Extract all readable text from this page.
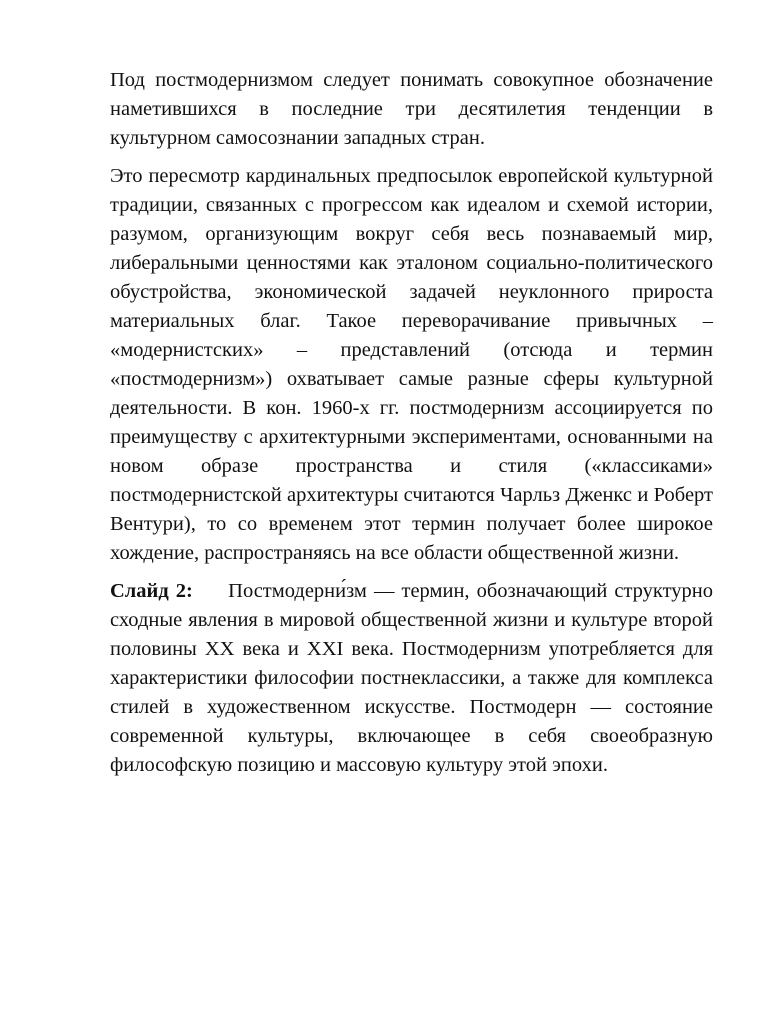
Под постмодернизмом следует понимать совокупное обозначение наметившихся в последние три десятилетия тенденции в культурном самосознании западных стран.

Это пересмотр кардинальных предпосылок европейской культурной традиции, связанных с прогрессом как идеалом и схемой истории, разумом, организующим вокруг себя весь познаваемый мир, либеральными ценностями как эталоном социально-политического обустройства, экономической задачей неуклонного прироста материальных благ. Такое переворачивание привычных – «модернистских» – представлений (отсюда и термин «постмодернизм») охватывает самые разные сферы культурной деятельности. В кон. 1960-х гг. постмодернизм ассоциируется по преимуществу с архитектурными экспериментами, основанными на новом образе пространства и стиля («классиками» постмодернистской архитектуры считаются Чарльз Дженкс и Роберт Вентури), то со временем этот термин получает более широкое хождение, распространяясь на все области общественной жизни.

Слайд 2: Постмодерни́зм — термин, обозначающий структурно сходные явления в мировой общественной жизни и культуре второй половины XX века и XXI века. Постмодернизм употребляется для характеристики философии постнеклассики, а также для комплекса стилей в художественном искусстве. Постмодерн — состояние современной культуры, включающее в себя своеобразную философскую позицию и массовую культуру этой эпохи.
